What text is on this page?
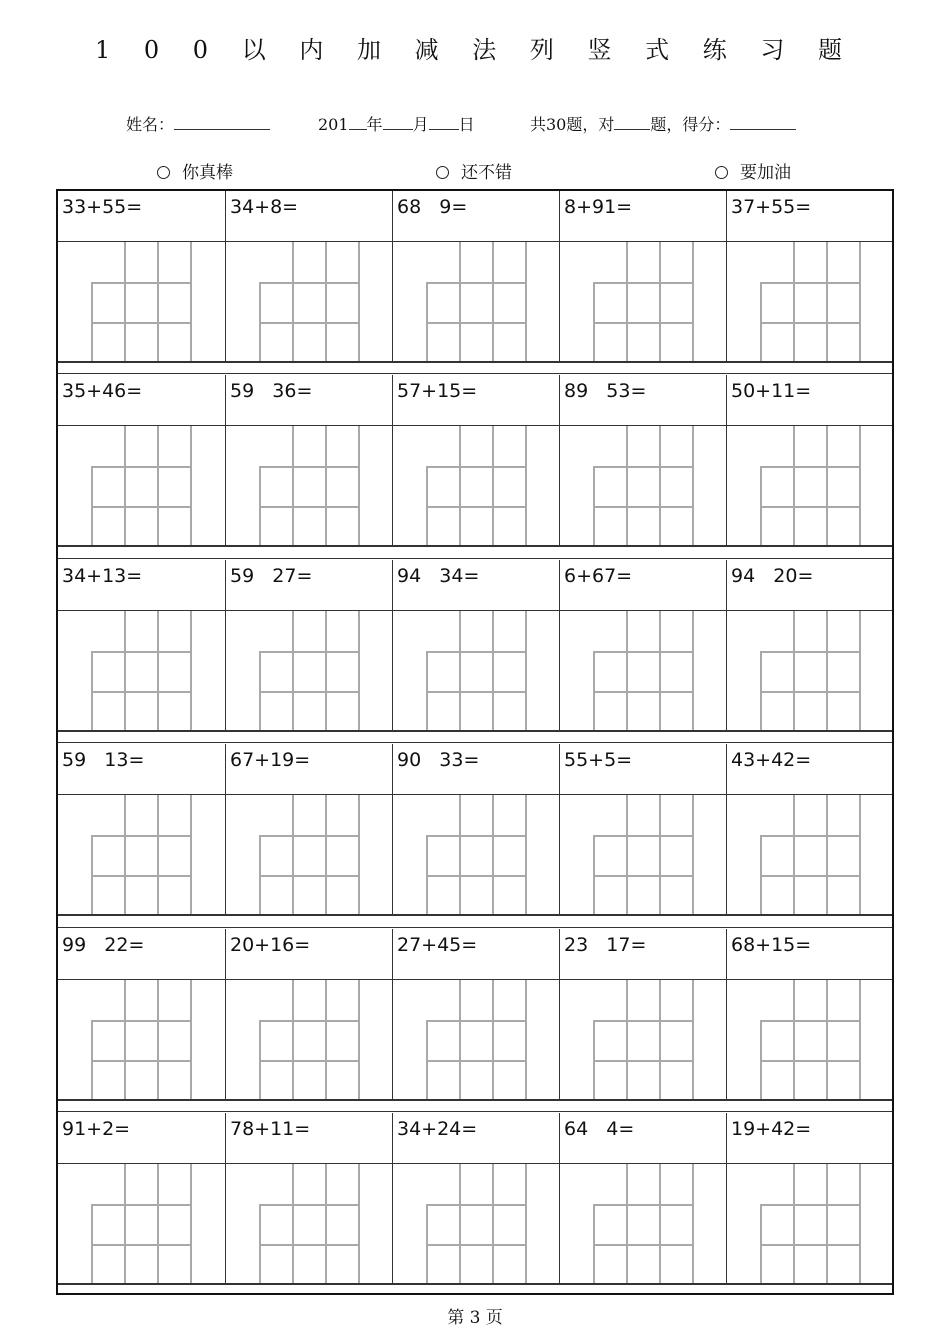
1 0 0 以 内 加 减 法 列 竖 式 练 习 题
姓名：	201 年 月 日	共30题，对 题，得分：
你真棒	还不错	要加油
33+55=	34+8=	68   9=	8+91=	37+55=
35+46=	59   36=	57+15=	89   53=	50+11=
34+13=	59   27=	94   34=	6+67=	94   20=
59   13=	67+19=	90   33=	55+5=	43+42=
99   22=	20+16=	27+45=	23   17=	68+15=
91+2=	78+11=	34+24=	64   4=	19+42=
第 3 页
